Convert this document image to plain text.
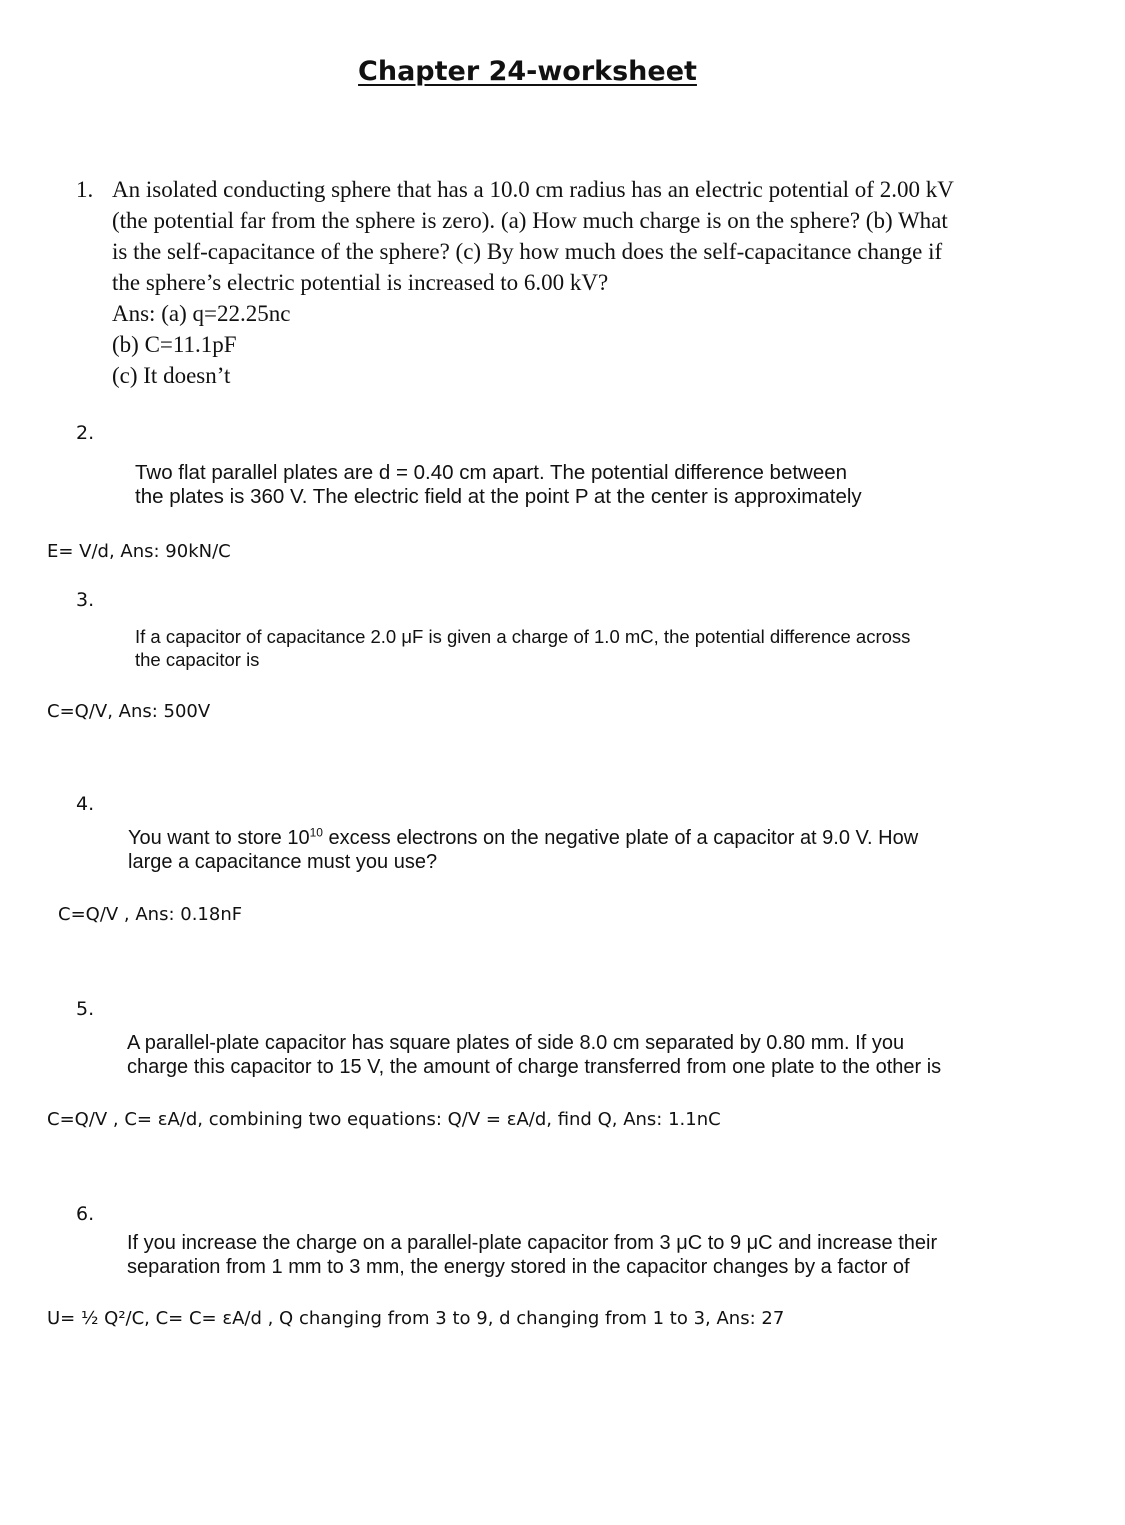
Chapter 24-worksheet
1. An isolated conducting sphere that has a 10.0 cm radius has an electric potential of 2.00 kV
(the potential far from the sphere is zero). (a) How much charge is on the sphere? (b) What
is the self-capacitance of the sphere? (c) By how much does the self-capacitance change if
the sphere’s electric potential is increased to 6.00 kV?
Ans: (a) q=22.25nc
(b) C=11.1pF
(c) It doesn’t
2.
Two flat parallel plates are d = 0.40 cm apart. The potential difference between
the plates is 360 V. The electric field at the point P at the center is approximately
E= V/d, Ans: 90kN/C
3.
If a capacitor of capacitance 2.0 μF is given a charge of 1.0 mC, the potential difference across
the capacitor is
C=Q/V, Ans: 500V
4.
You want to store $10^{10}$ excess electrons on the negative plate of a capacitor at 9.0 V. How
large a capacitance must you use?
C=Q/V , Ans: 0.18nF
5.
A parallel-plate capacitor has square plates of side 8.0 cm separated by 0.80 mm. If you
charge this capacitor to 15 V, the amount of charge transferred from one plate to the other is
C=Q/V , C= εA/d, combining two equations: Q/V = εA/d, find Q, Ans: 1.1nC
6.
If you increase the charge on a parallel-plate capacitor from 3 μC to 9 μC and increase their
separation from 1 mm to 3 mm, the energy stored in the capacitor changes by a factor of
U= ½ Q²/C, C= C= εA/d , Q changing from 3 to 9, d changing from 1 to 3, Ans: 27
